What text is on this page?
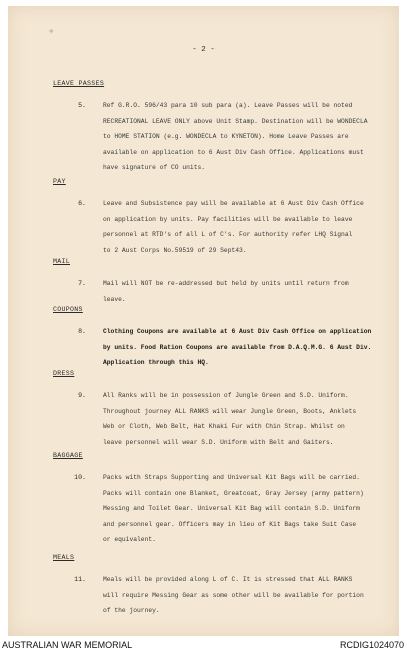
✦
- 2 -
LEAVE PASSES
5.	Ref G.R.O. 596/43 para 10 sub para (a). Leave Passes will be noted
RECREATIONAL LEAVE ONLY above Unit Stamp. Destination will be WONDECLA
to HOME STATION (e.g. WONDECLA to KYNETON). Home Leave Passes are
available on application to 6 Aust Div Cash Office. Applications must
have signature of CO units.
PAY
6.	Leave and Subsistence pay will be available at 6 Aust Div Cash Office
on application by units. Pay facilities will be available to leave
personnel at RTD's of all L of C's. For authority refer LHQ Signal
to 2 Aust Corps No.59519 of 29 Sept43.
MAIL
7.	Mail will NOT be re-addressed but held by units until return from
leave.
COUPONS
8.	Clothing Coupons are available at 6 Aust Div Cash Office on application
by units. Food Ration Coupons are available from D.A.Q.M.G. 6 Aust Div.
Application through this HQ.
DRESS
9.	All Ranks will be in possession of Jungle Green and S.D. Uniform.
Throughout journey ALL RANKS will wear Jungle Green, Boots, Anklets
Web or Cloth, Web Belt, Hat Khaki Fur with Chin Strap. Whilst on
leave personnel will wear S.D. Uniform with Belt and Gaiters.
BAGGAGE
10.	Packs with Straps Supporting and Universal Kit Bags will be carried.
Packs will contain one Blanket, Greatcoat, Gray Jersey (army pattern)
Messing and Toilet Gear. Universal Kit Bag will contain S.D. Uniform
and personnel gear. Officers may in lieu of Kit Bags take Suit Case
or equivalent.
MEALS
11.	Meals will be provided along L of C. It is stressed that ALL RANKS
will require Messing Gear as some other will be available for portion
of the journey.
AUSTRALIAN WAR MEMORIAL	RCDIG1024070
